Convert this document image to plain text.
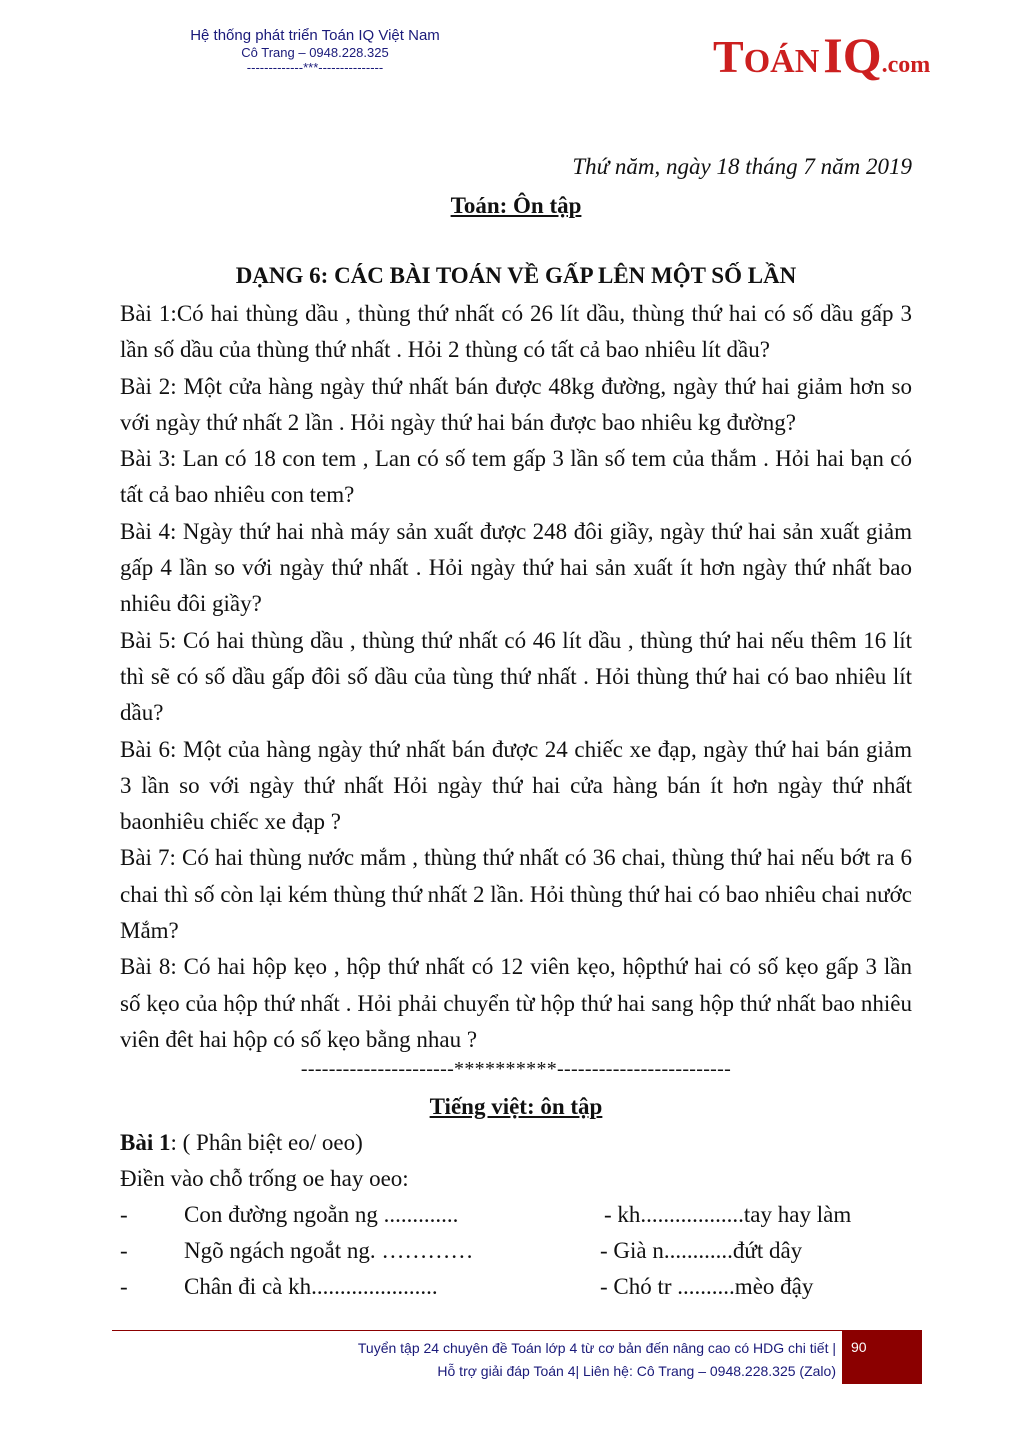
Hệ thống phát triển Toán IQ Việt Nam
Cô Trang – 0948.228.325
-------------***---------------	TOÁN IQ.com
Thứ năm, ngày 18 tháng 7 năm 2019
Toán: Ôn tập
DẠNG 6: CÁC BÀI TOÁN VỀ GẤP LÊN MỘT SỐ LẦN

Bài 1:Có hai thùng dầu , thùng thứ nhất có 26 lít dầu, thùng thứ hai có số dầu gấp 3 lần số dầu của thùng thứ nhất . Hỏi 2 thùng có tất cả bao nhiêu lít dầu?

Bài 2: Một cửa hàng ngày thứ nhất bán được 48kg đường, ngày thứ hai giảm hơn so với ngày thứ nhất 2 lần . Hỏi ngày thứ hai bán được bao nhiêu kg đường?

Bài 3: Lan có 18 con tem , Lan có số tem gấp 3 lần số tem của thắm . Hỏi hai bạn có tất cả bao nhiêu con tem?

Bài 4: Ngày thứ hai nhà máy sản xuất được 248 đôi giầy, ngày thứ hai sản xuất giảm gấp 4 lần so với ngày thứ nhất . Hỏi ngày thứ hai sản xuất ít hơn ngày thứ nhất bao nhiêu đôi giầy?

Bài 5: Có hai thùng dầu , thùng thứ nhất có 46 lít dầu , thùng thứ hai nếu thêm 16 lít thì sẽ có số dầu gấp đôi số dầu của tùng thứ nhất . Hỏi thùng thứ hai có bao nhiêu lít dầu?

Bài 6: Một của hàng ngày thứ nhất bán được 24 chiếc xe đạp, ngày thứ hai bán giảm 3 lần so với ngày thứ nhất Hỏi ngày thứ hai cửa hàng bán ít hơn ngày thứ nhất baonhiêu chiếc xe đạp ?

Bài 7: Có hai thùng nước mắm , thùng thứ nhất có 36 chai, thùng thứ hai nếu bớt ra 6 chai thì số còn lại kém thùng thứ nhất 2 lần. Hỏi thùng thứ hai có bao nhiêu chai nước Mắm?

Bài 8: Có hai hộp kẹo , hộp thứ nhất có 12 viên kẹo, hộpthứ hai có số kẹo gấp 3 lần số kẹo của hộp thứ nhất . Hỏi phải chuyển từ hộp thứ hai sang hộp thứ nhất bao nhiêu viên đêt hai hộp có số kẹo bằng nhau ?

----------------------**********-------------------------
Tiếng việt: ôn tập
Bài 1: ( Phân biệt eo/ oeo)
Điền vào chỗ trống oe hay oeo:
- Con đường ngoằn ng .............	- kh..................tay hay làm
- Ngõ ngách ngoắt ng. …………	- Già n............đứt dây
- Chân đi cà kh......................	- Chó tr ..........mèo đậy
Tuyển tập 24 chuyên đề Toán lớp 4 từ cơ bản đến nâng cao có HDG chi tiết |
Hỗ trợ giải đáp Toán 4| Liên hệ: Cô Trang – 0948.228.325 (Zalo)
90
